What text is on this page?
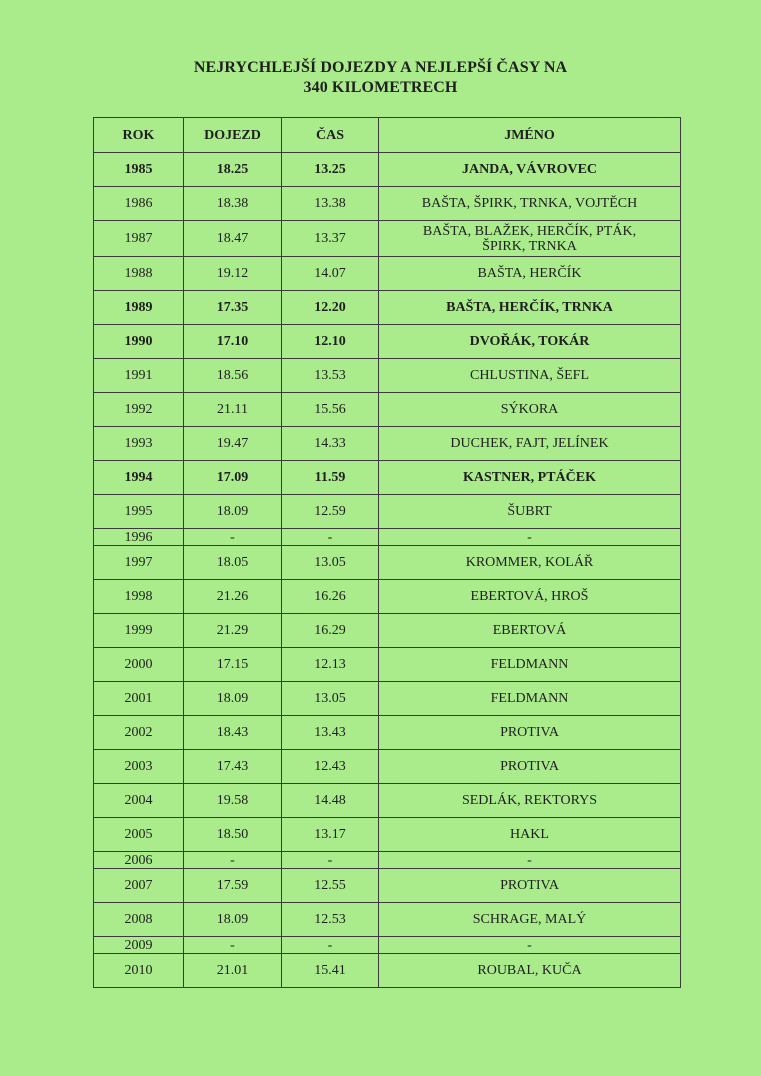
NEJRYCHLEJŠÍ DOJEZDY A NEJLEPŠÍ ČASY NA
340 KILOMETRECH
ROK	DOJEZD	ČAS	JMÉNO
1985	18.25	13.25	JANDA, VÁVROVEC
1986	18.38	13.38	BAŠTA, ŠPIRK, TRNKA, VOJTĚCH
1987	18.47	13.37	BAŠTA, BLAŽEK, HERČÍK, PTÁK,
ŠPIRK, TRNKA

1988	19.12	14.07	BAŠTA, HERČÍK
1989	17.35	12.20	BAŠTA, HERČÍK, TRNKA
1990	17.10	12.10	DVOŘÁK, TOKÁR
1991	18.56	13.53	CHLUSTINA, ŠEFL
1992	21.11	15.56	SÝKORA
1993	19.47	14.33	DUCHEK, FAJT, JELÍNEK
1994	17.09	11.59	KASTNER, PTÁČEK
1995	18.09	12.59	ŠUBRT
1996	-	-	-
1997	18.05	13.05	KROMMER, KOLÁŘ
1998	21.26	16.26	EBERTOVÁ, HROŠ
1999	21.29	16.29	EBERTOVÁ
2000	17.15	12.13	FELDMANN
2001	18.09	13.05	FELDMANN
2002	18.43	13.43	PROTIVA
2003	17.43	12.43	PROTIVA
2004	19.58	14.48	SEDLÁK, REKTORYS
2005	18.50	13.17	HAKL
2006	-	-	-
2007	17.59	12.55	PROTIVA
2008	18.09	12.53	SCHRAGE, MALÝ
2009	-	-	-
2010	21.01	15.41	ROUBAL, KUČA
